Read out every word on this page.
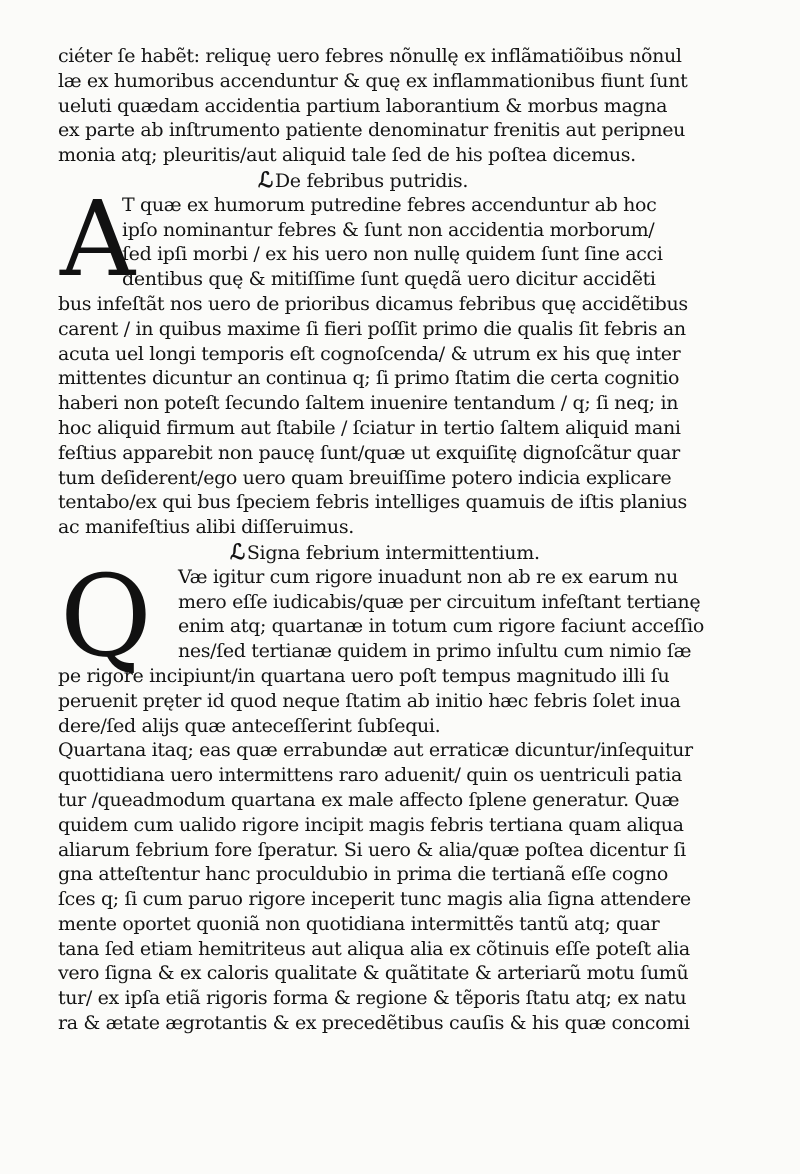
ciéter ſe habẽt: reliquę uero febres nõnullę ex inflãmatiõibus nõnul
læ ex humoribus accenduntur & quę ex inflammationibus fiunt ſunt
ueluti quædam accidentia partium laborantium & morbus magna
ex parte ab inſtrumento patiente denominatur frenitis aut peripneu
monia atq; pleuritis/aut aliquid tale ſed de his poſtea dicemus.
ℒ De febribus putridis.
A
T quæ ex humorum putredine febres accenduntur ab hoc
ipſo nominantur febres & ſunt non accidentia morborum/
ſed ipſi morbi / ex his uero non nullę quidem ſunt ſine acci
dentibus quę & mitiſſime ſunt quędã uero dicitur accidẽti
bus infeſtãt nos uero de prioribus dicamus febribus quę accidẽtibus
carent / in quibus maxime ſi fieri poſſit primo die qualis ſit febris an
acuta uel longi temporis eſt cognoſcenda/ & utrum ex his quę inter
mittentes dicuntur an continua q; ſi primo ſtatim die certa cognitio
haberi non poteſt ſecundo ſaltem inuenire tentandum / q; ſi neq; in
hoc aliquid firmum aut ſtabile / ſciatur in tertio ſaltem aliquid mani
feſtius apparebit non paucę ſunt/quæ ut exquiſitę dignoſcãtur quar
tum deſiderent/ego uero quam breuiſſime potero indicia explicare
tentabo/ex qui bus ſpeciem febris intelliges quamuis de iſtis planius
ac manifeſtius alibi diſſeruimus.
ℒ Signa febrium intermittentium.
Q	Væ igitur cum rigore inuadunt non ab re ex earum nu
mero eſſe iudicabis/quæ per circuitum infeſtant tertianę
enim atq; quartanæ in totum cum rigore faciunt acceſſio
nes/ſed tertianæ quidem in primo inſultu cum nimio ſæ
pe rigore incipiunt/in quartana uero poſt tempus magnitudo illi ſu
peruenit pręter id quod neque ſtatim ab initio hæc febris ſolet inua
dere/ſed alijs quæ anteceſſerint ſubſequi.
Quartana itaq; eas quæ errabundæ aut erraticæ dicuntur/inſequitur
quottidiana uero intermittens raro aduenit/ quin os uentriculi patia
tur /queadmodum quartana ex male affecto ſplene generatur. Quæ
quidem cum ualido rigore incipit magis febris tertiana quam aliqua
aliarum febrium fore ſperatur. Si uero & alia/quæ poſtea dicentur ſi
gna atteſtentur hanc proculdubio in prima die tertianã eſſe cogno
ſces q; ſi cum paruo rigore inceperit tunc magis alia ſigna attendere
mente oportet quoniã non quotidiana intermittẽs tantũ atq; quar
tana ſed etiam hemitriteus aut aliqua alia ex cõtinuis eſſe poteſt alia
vero ſigna & ex caloris qualitate & quãtitate & arteriarũ motu ſumũ
tur/ ex ipſa etiã rigoris forma & regione & tẽporis ſtatu atq; ex natu
ra & ætate ægrotantis & ex precedẽtibus cauſis & his quæ concomi
